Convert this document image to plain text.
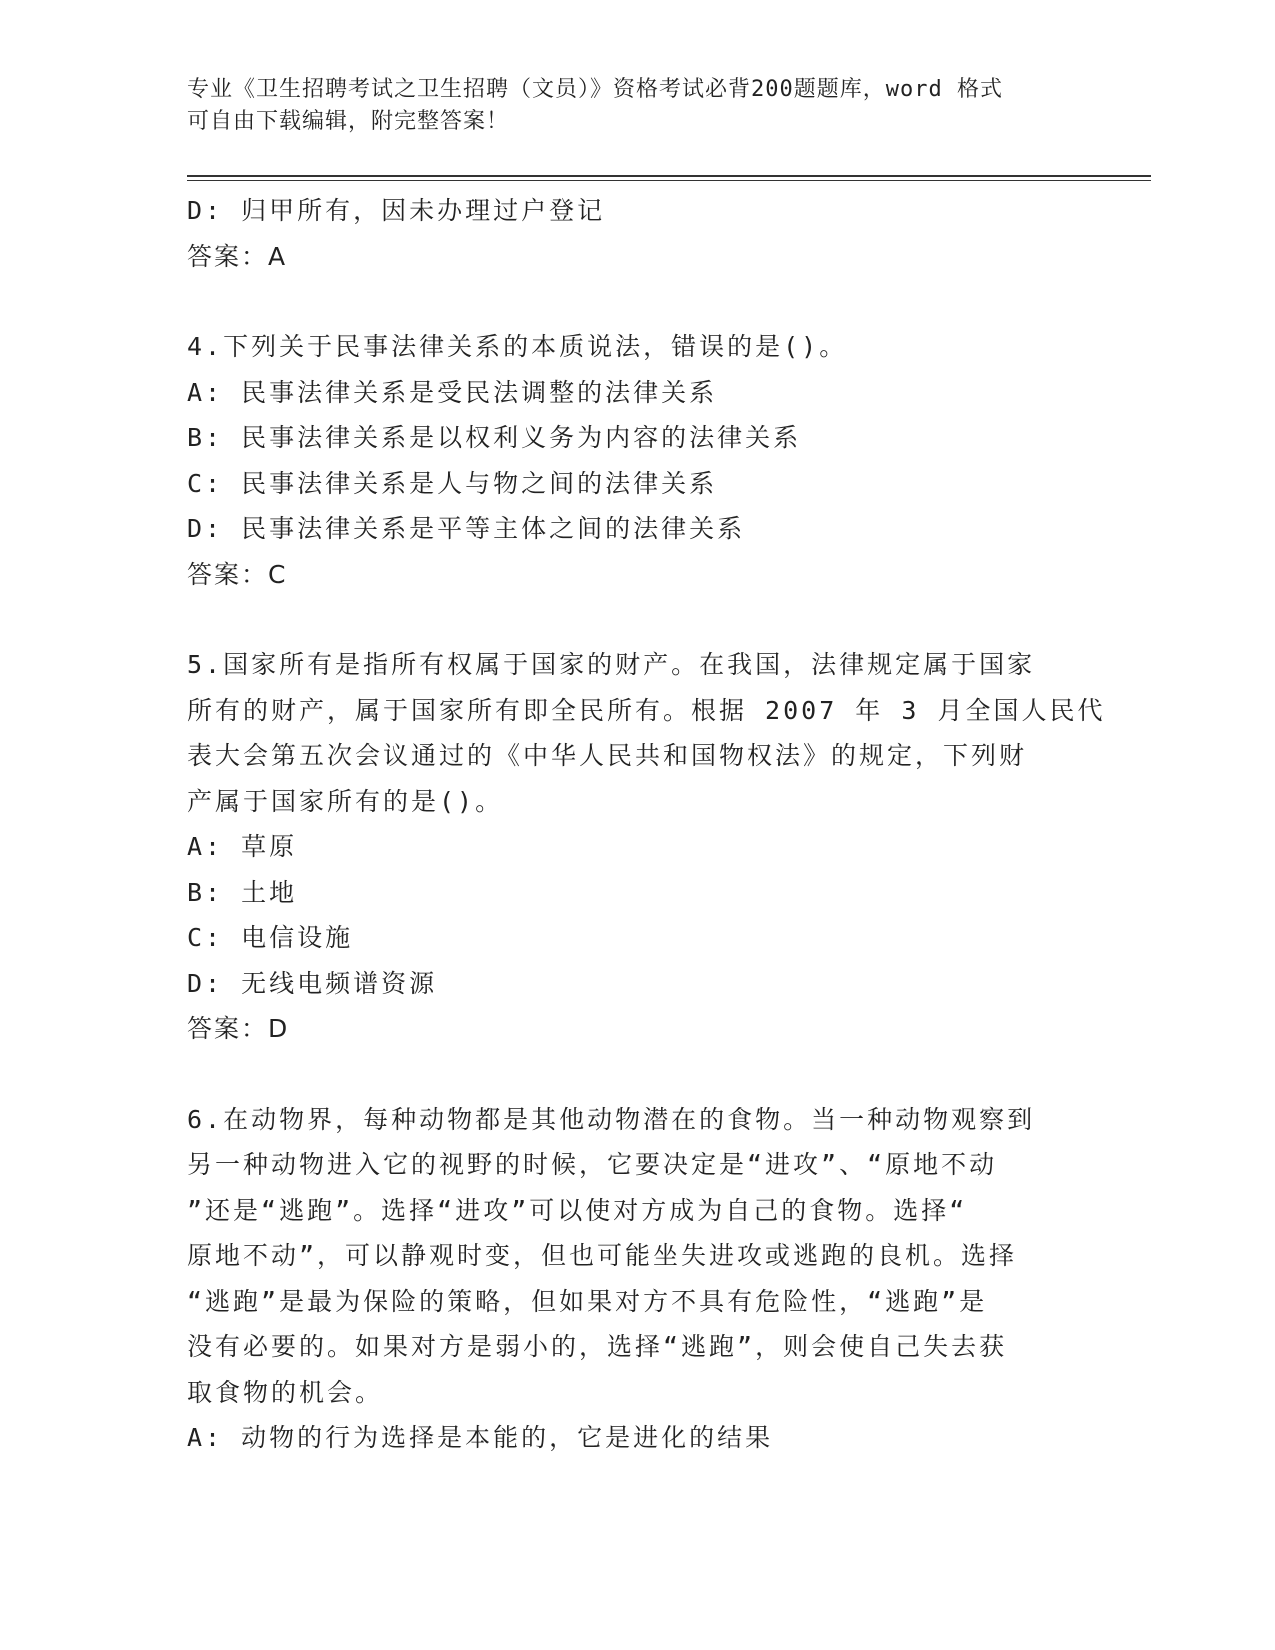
专业《卫生招聘考试之卫生招聘（文员）》资格考试必背200题题库，word 格式
可自由下载编辑，附完整答案！
D: 归甲所有，因未办理过户登记
答案：A
4.下列关于民事法律关系的本质说法，错误的是()。
A: 民事法律关系是受民法调整的法律关系
B: 民事法律关系是以权利义务为内容的法律关系
C: 民事法律关系是人与物之间的法律关系
D: 民事法律关系是平等主体之间的法律关系
答案：C
5.国家所有是指所有权属于国家的财产。在我国，法律规定属于国家
所有的财产，属于国家所有即全民所有。根据 2007 年 3 月全国人民代
表大会第五次会议通过的《中华人民共和国物权法》的规定，下列财
产属于国家所有的是()。
A: 草原
B: 土地
C: 电信设施
D: 无线电频谱资源
答案：D
6.在动物界，每种动物都是其他动物潜在的食物。当一种动物观察到
另一种动物进入它的视野的时候，它要决定是“进攻”、“原地不动
”还是“逃跑”。选择“进攻”可以使对方成为自己的食物。选择“
原地不动”，可以静观时变，但也可能坐失进攻或逃跑的良机。选择
“逃跑”是最为保险的策略，但如果对方不具有危险性，“逃跑”是
没有必要的。如果对方是弱小的，选择“逃跑”，则会使自己失去获
取食物的机会。
A: 动物的行为选择是本能的，它是进化的结果
